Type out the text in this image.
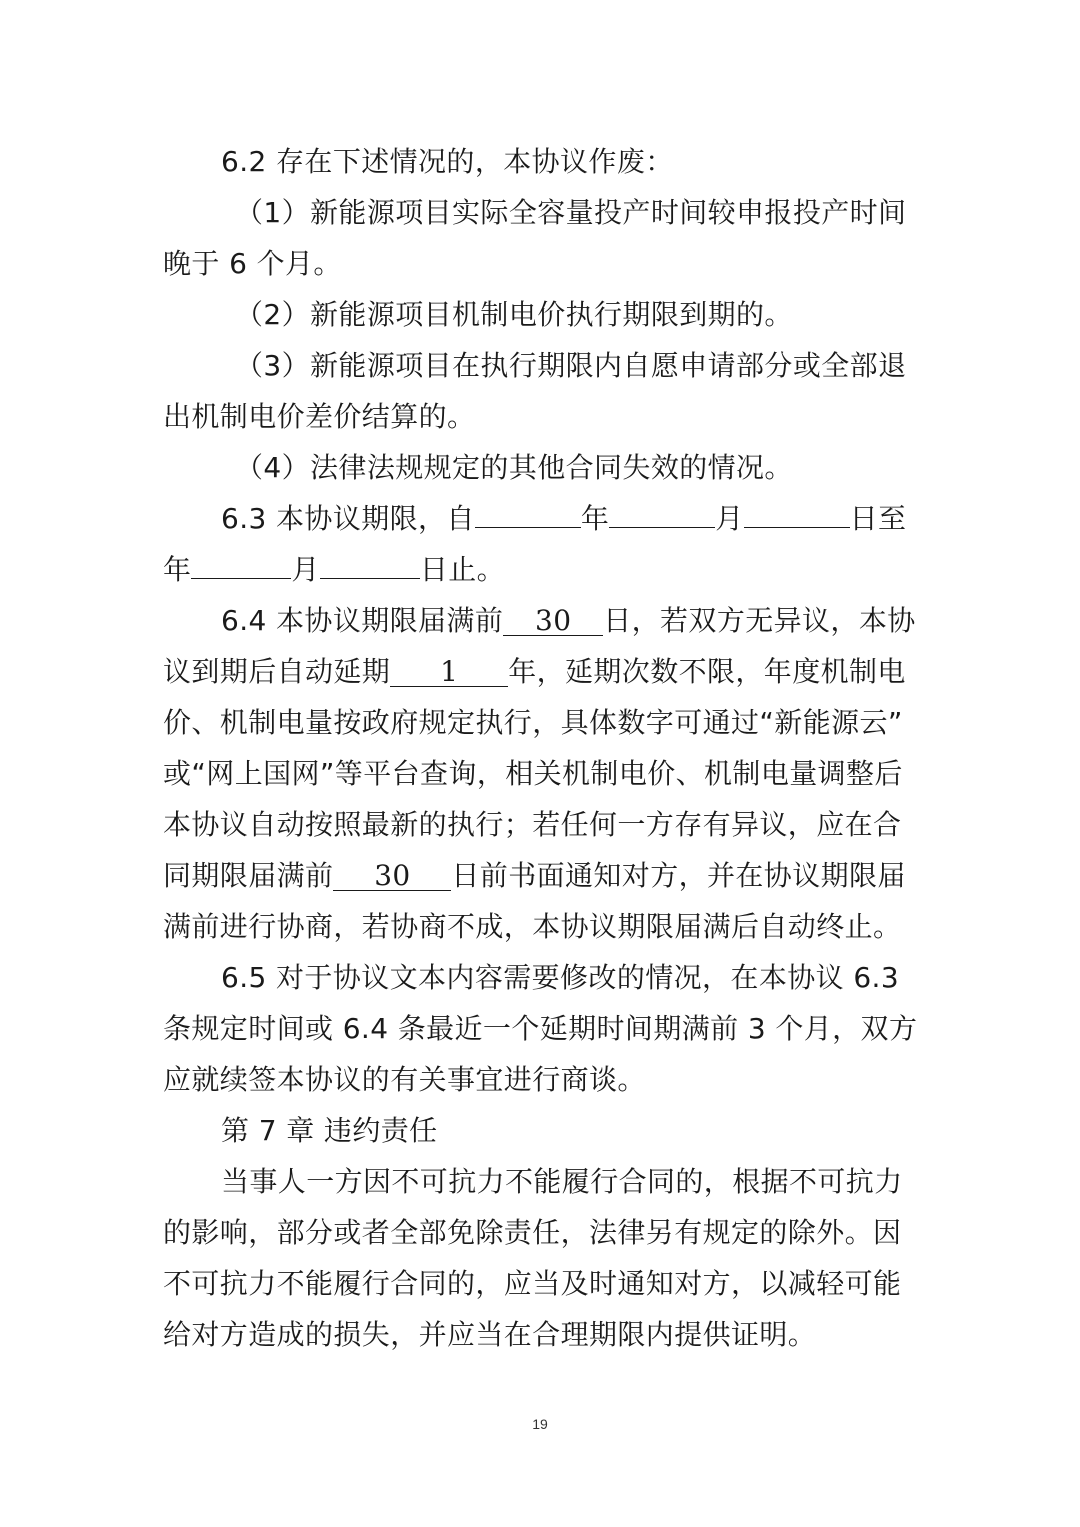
6.2 存在下述情况的，本协议作废：
（1）新能源项目实际全容量投产时间较申报投产时间
晚于 6 个月。
（2）新能源项目机制电价执行期限到期的。
（3）新能源项目在执行期限内自愿申请部分或全部退
出机制电价差价结算的。
（4）法律法规规定的其他合同失效的情况。
6.3 本协议期限，自	年	月	日至
年	月	日止。
6.4 本协议期限届满前 30 日，若双方无异议，本协
议到期后自动延期 1 年，延期次数不限，年度机制电
价、机制电量按政府规定执行，具体数字可通过“新能源云”
或“网上国网”等平台查询，相关机制电价、机制电量调整后
本协议自动按照最新的执行；若任何一方存有异议，应在合
同期限届满前 30 日前书面通知对方，并在协议期限届
满前进行协商，若协商不成，本协议期限届满后自动终止。
6.5 对于协议文本内容需要修改的情况，在本协议 6.3
条规定时间或 6.4 条最近一个延期时间期满前 3 个月，双方
应就续签本协议的有关事宜进行商谈。
第 7 章 违约责任
当事人一方因不可抗力不能履行合同的，根据不可抗力
的影响，部分或者全部免除责任，法律另有规定的除外。因
不可抗力不能履行合同的，应当及时通知对方，以减轻可能
给对方造成的损失，并应当在合理期限内提供证明。
19
